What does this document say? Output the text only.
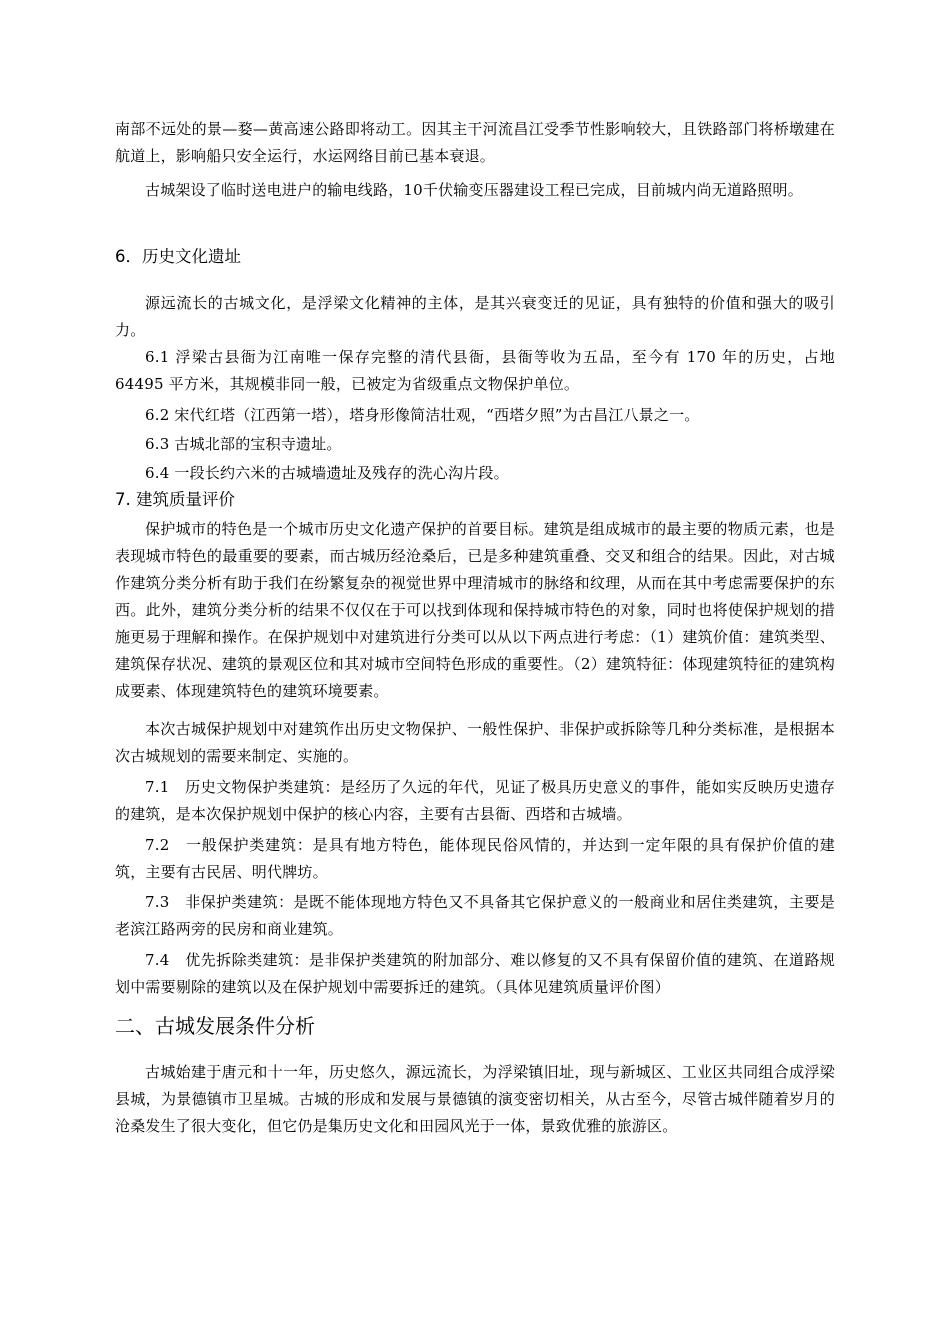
南部不远处的景—婺—黄高速公路即将动工。因其主干河流昌江受季节性影响较大，且铁路部门将桥墩建在航道上，影响船只安全运行，水运网络目前已基本衰退。

古城架设了临时送电进户的输电线路，10千伏输变压器建设工程已完成，目前城内尚无道路照明。

6．历史文化遗址

源远流长的古城文化，是浮梁文化精神的主体，是其兴衰变迁的见证，具有独特的价值和强大的吸引力。

6.1 浮梁古县衙为江南唯一保存完整的清代县衙，县衙等收为五品，至今有 170 年的历史，占地 64495 平方米，其规模非同一般，已被定为省级重点文物保护单位。

6.2 宋代红塔（江西第一塔），塔身形像简洁壮观，“西塔夕照”为古昌江八景之一。

6.3 古城北部的宝积寺遗址。

6.4 一段长约六米的古城墙遗址及残存的洗心沟片段。

7. 建筑质量评价

保护城市的特色是一个城市历史文化遗产保护的首要目标。建筑是组成城市的最主要的物质元素，也是表现城市特色的最重要的要素，而古城历经沧桑后，已是多种建筑重叠、交叉和组合的结果。因此，对古城作建筑分类分析有助于我们在纷繁复杂的视觉世界中理清城市的脉络和纹理，从而在其中考虑需要保护的东西。此外，建筑分类分析的结果不仅仅在于可以找到体现和保持城市特色的对象，同时也将使保护规划的措施更易于理解和操作。在保护规划中对建筑进行分类可以从以下两点进行考虑：（1）建筑价值：建筑类型、建筑保存状况、建筑的景观区位和其对城市空间特色形成的重要性。（2）建筑特征：体现建筑特征的建筑构成要素、体现建筑特色的建筑环境要素。

本次古城保护规划中对建筑作出历史文物保护、一般性保护、非保护或拆除等几种分类标准，是根据本次古城规划的需要来制定、实施的。

7.1　历史文物保护类建筑：是经历了久远的年代，见证了极具历史意义的事件，能如实反映历史遗存的建筑，是本次保护规划中保护的核心内容，主要有古县衙、西塔和古城墙。

7.2　一般保护类建筑：是具有地方特色，能体现民俗风情的，并达到一定年限的具有保护价值的建筑，主要有古民居、明代牌坊。

7.3　非保护类建筑：是既不能体现地方特色又不具备其它保护意义的一般商业和居住类建筑，主要是老滨江路两旁的民房和商业建筑。

7.4　优先拆除类建筑：是非保护类建筑的附加部分、难以修复的又不具有保留价值的建筑、在道路规划中需要剔除的建筑以及在保护规划中需要拆迁的建筑。（具体见建筑质量评价图）

二、古城发展条件分析

古城始建于唐元和十一年，历史悠久，源远流长，为浮梁镇旧址，现与新城区、工业区共同组合成浮梁县城，为景德镇市卫星城。古城的形成和发展与景德镇的演变密切相关，从古至今，尽管古城伴随着岁月的沧桑发生了很大变化，但它仍是集历史文化和田园风光于一体，景致优雅的旅游区。
